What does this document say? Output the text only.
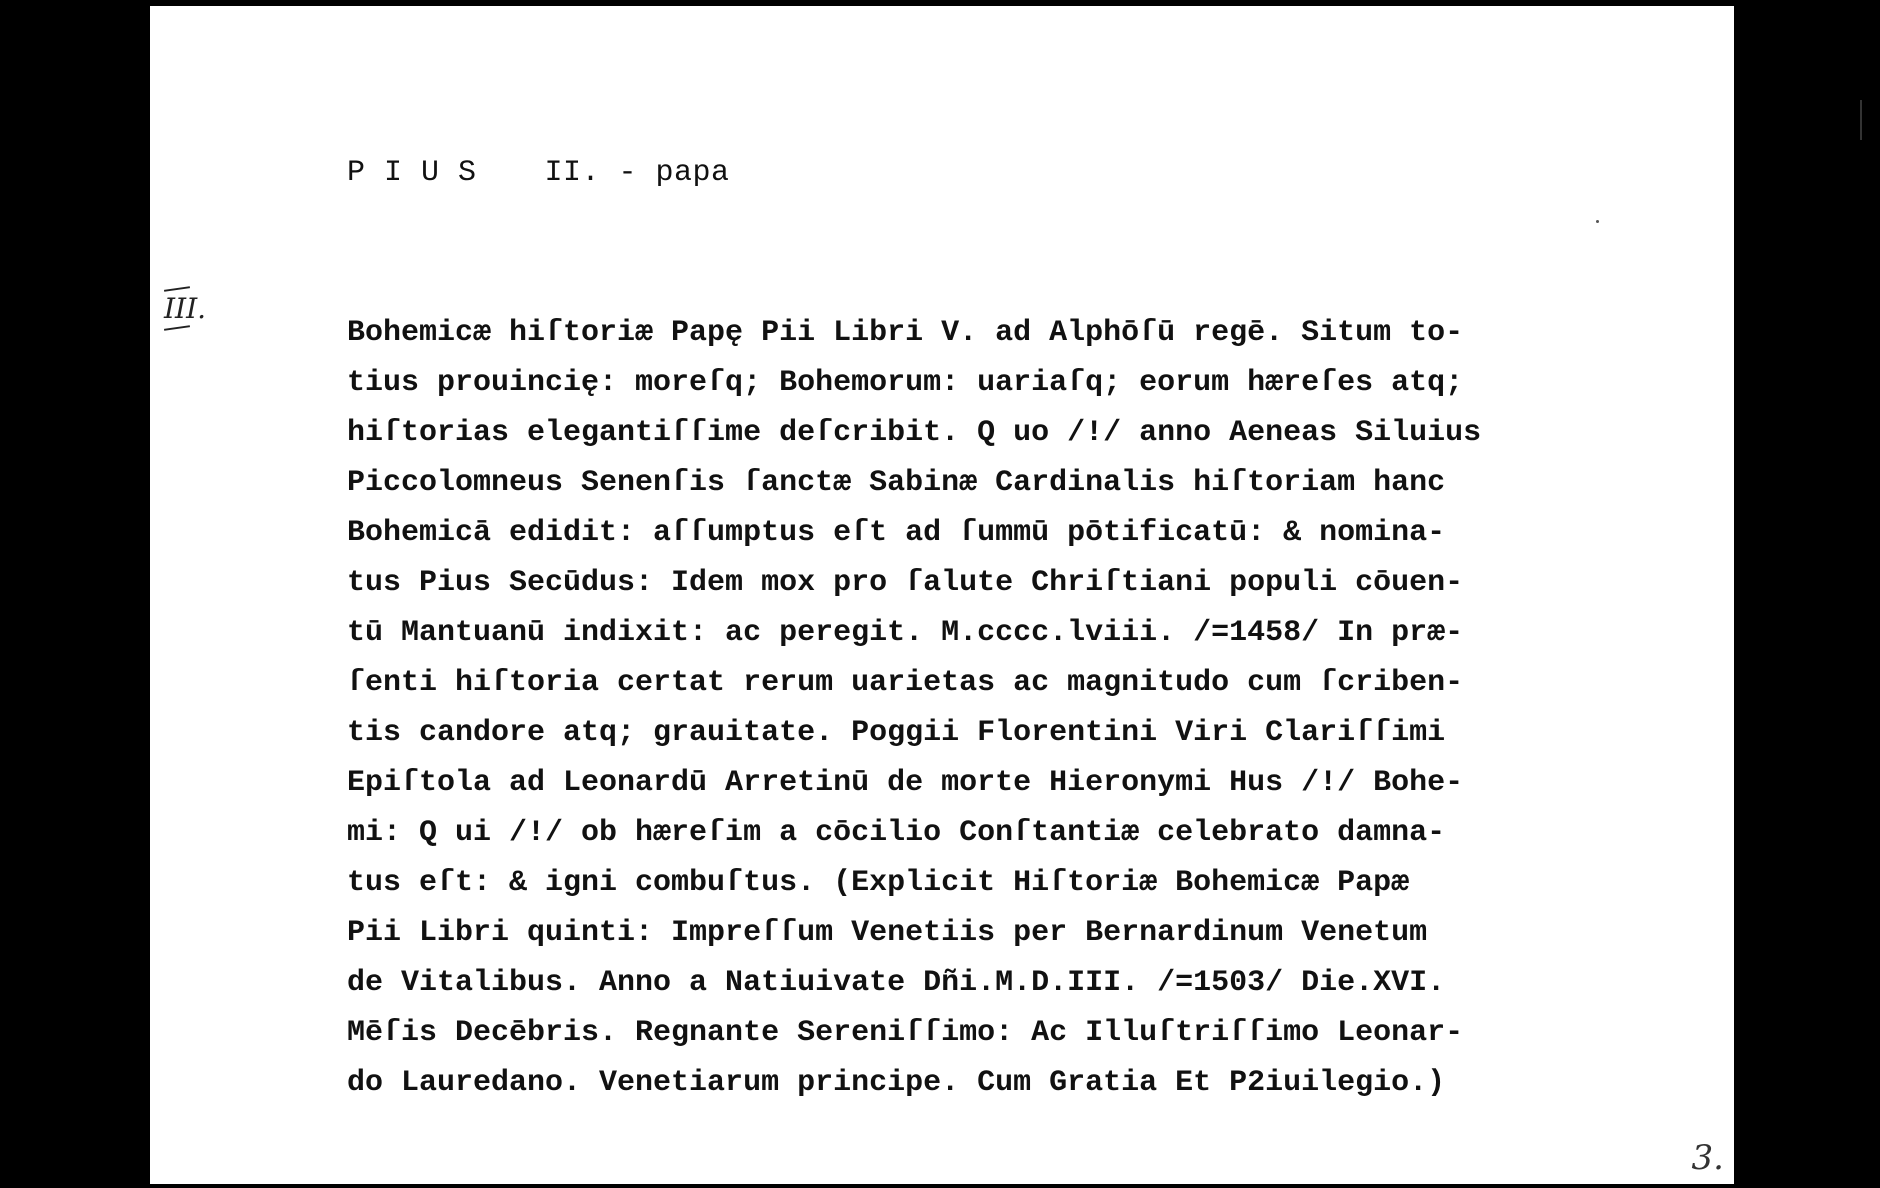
P I U S II. - papa
III.
Bohemicæ hiſtoriæ Papę Pii Libri V. ad Alphōſū regē. Situm to-
tius prouincię: moreſq; Bohemorum: uariaſq; eorum hæreſes atq;
hiſtorias elegantiſſime deſcribit. Q uo /!/ anno Aeneas Siluius
Piccolomneus Senenſis ſanctæ Sabinæ Cardinalis hiſtoriam hanc
Bohemicā edidit: aſſumptus eſt ad ſummū pōtificatū: & nomina-
tus Pius Secūdus: Idem mox pro ſalute Chriſtiani populi cōuen-
tū Mantuanū indixit: ac peregit. M.cccc.lviii. /=1458/ In præ-
ſenti hiſtoria certat rerum uarietas ac magnitudo cum ſcriben-
tis candore atq; grauitate. Poggii Florentini Viri Clariſſimi
Epiſtola ad Leonardū Arretinū de morte Hieronymi Hus /!/ Bohe-
mi: Q ui /!/ ob hæreſim a cōcilio Conſtantiæ celebrato damna-
tus eſt: & igni combuſtus. (Explicit Hiſtoriæ Bohemicæ Papæ
Pii Libri quinti: Impreſſum Venetiis per Bernardinum Venetum
de Vitalibus. Anno a Natiuivate Dñi.M.D.III. /=1503/ Die.XVI.
Mēſis Decēbris. Regnante Sereniſſimo: Ac Illuſtriſſimo Leonar-
do Lauredano. Venetiarum principe. Cum Gratia Et P2iuilegio.)
3.
